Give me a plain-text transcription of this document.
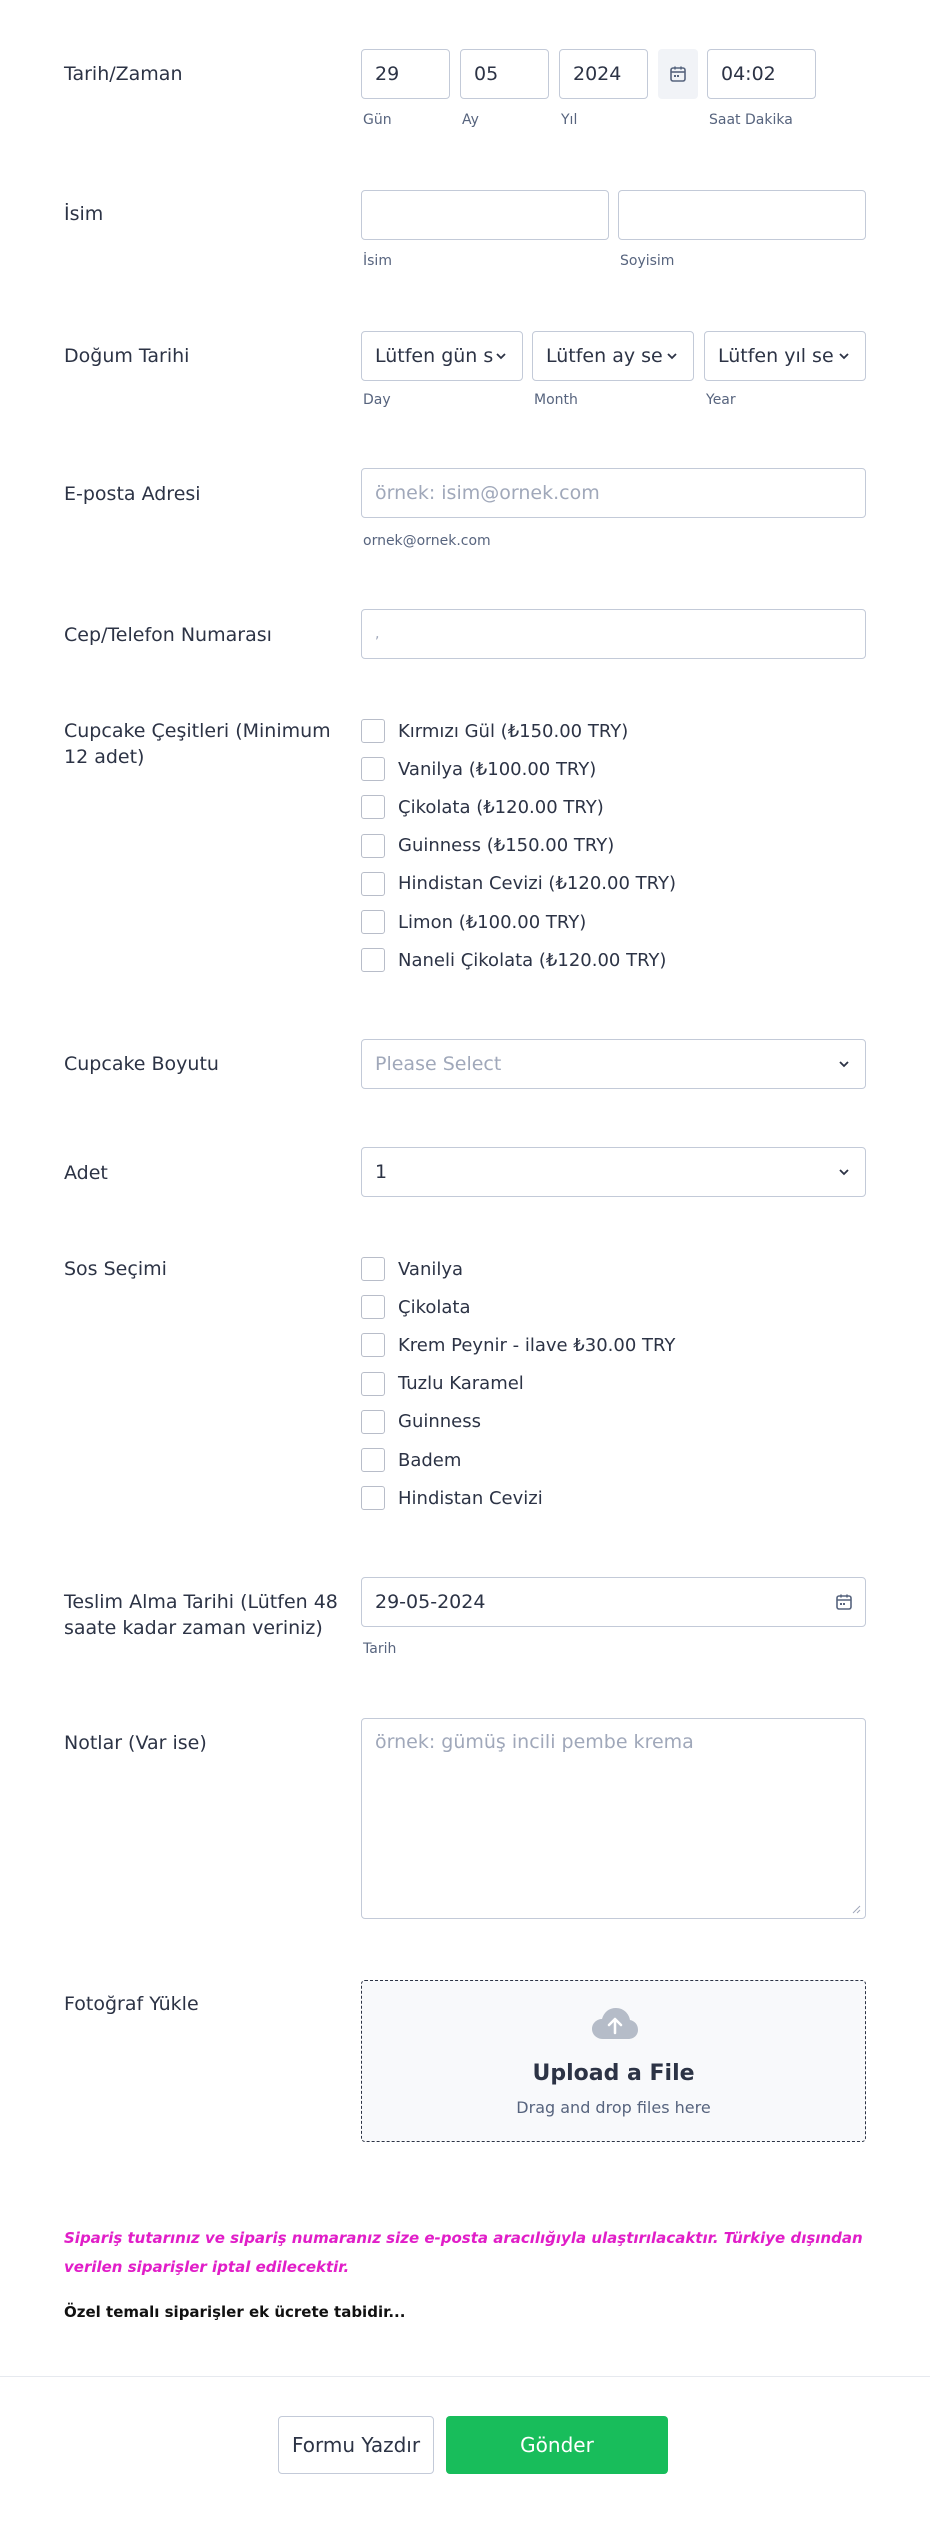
Tarih/Zaman	29	05	2024	04:02
Gün	Ay	Yıl	Saat Dakika
İsim
İsim	Soyisim
Doğum Tarihi	Lütfen gün s	Lütfen ay se	Lütfen yıl se
Day	Month	Year
E-posta Adresi	örnek: isim@ornek.com
ornek@ornek.com
Cep/Telefon Numarası	,
Cupcake Çeşitleri (Minimum 12 adet)
Kırmızı Gül (₺150.00 TRY)
Vanilya (₺100.00 TRY)
Çikolata (₺120.00 TRY)
Guinness (₺150.00 TRY)
Hindistan Cevizi (₺120.00 TRY)
Limon (₺100.00 TRY)
Naneli Çikolata (₺120.00 TRY)
Cupcake Boyutu	Please Select
Adet	1
Sos Seçimi	Vanilya
Çikolata
Krem Peynir - ilave ₺30.00 TRY
Tuzlu Karamel
Guinness
Badem
Hindistan Cevizi
Teslim Alma Tarihi (Lütfen 48 saate kadar zaman veriniz)
29-05-2024
Tarih
Notlar (Var ise)	örnek: gümüş incili pembe krema
Fotoğraf Yükle
Upload a File
Drag and drop files here
Sipariş tutarınız ve sipariş numaranız size e-posta aracılığıyla ulaştırılacaktır. Türkiye dışından verilen siparişler iptal edilecektir.
Özel temalı siparişler ek ücrete tabidir...
Formu Yazdır	Gönder
